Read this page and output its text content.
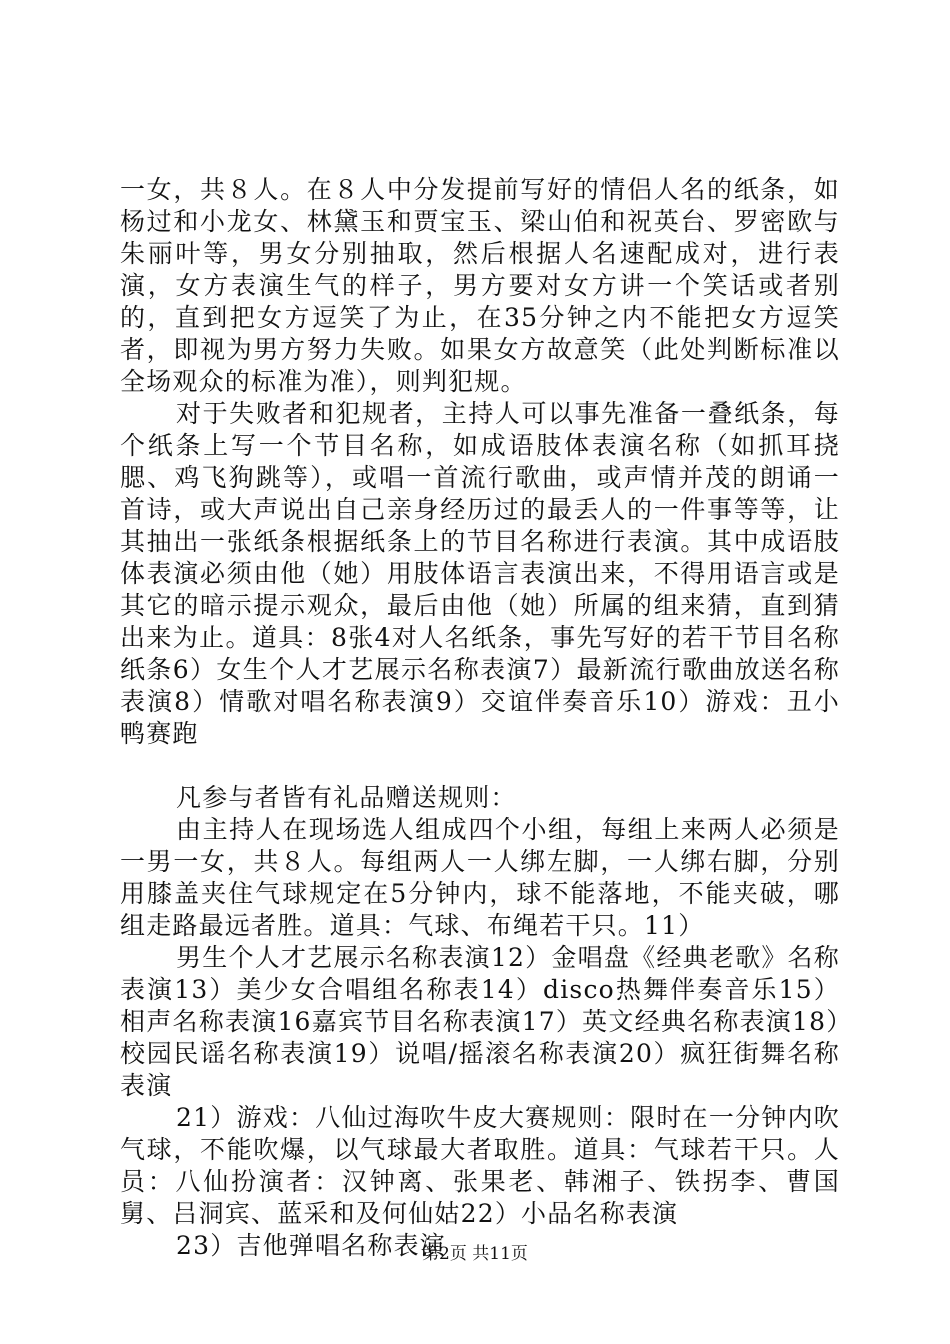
一女，共８人。在８人中分发提前写好的情侣人名的纸条，如杨过和小龙女、林黛玉和贾宝玉、梁山伯和祝英台、罗密欧与朱丽叶等，男女分别抽取，然后根据人名速配成对，进行表演，女方表演生气的样子，男方要对女方讲一个笑话或者别的，直到把女方逗笑了为止，在35分钟之内不能把女方逗笑者，即视为男方努力失败。如果女方故意笑（此处判断标准以全场观众的标准为准），则判犯规。

对于失败者和犯规者，主持人可以事先准备一叠纸条，每个纸条上写一个节目名称，如成语肢体表演名称（如抓耳挠腮、鸡飞狗跳等），或唱一首流行歌曲，或声情并茂的朗诵一首诗，或大声说出自己亲身经历过的最丢人的一件事等等，让其抽出一张纸条根据纸条上的节目名称进行表演。其中成语肢体表演必须由他（她）用肢体语言表演出来，不得用语言或是其它的暗示提示观众，最后由他（她）所属的组来猜，直到猜出来为止。道具：8张4对人名纸条，事先写好的若干节目名称纸条6）女生个人才艺展示名称表演7）最新流行歌曲放送名称表演8）情歌对唱名称表演9）交谊伴奏音乐10）游戏：丑小鸭赛跑

凡参与者皆有礼品赠送规则：

由主持人在现场选人组成四个小组，每组上来两人必须是一男一女，共８人。每组两人一人绑左脚，一人绑右脚，分别用膝盖夹住气球规定在5分钟内，球不能落地，不能夹破，哪组走路最远者胜。道具：气球、布绳若干只。11）

男生个人才艺展示名称表演12）金唱盘《经典老歌》名称表演13）美少女合唱组名称表14）disco热舞伴奏音乐15）相声名称表演16嘉宾节目名称表演17）英文经典名称表演18）校园民谣名称表演19）说唱/摇滚名称表演20）疯狂街舞名称表演

21）游戏：八仙过海吹牛皮大赛规则：限时在一分钟内吹气球，不能吹爆，以气球最大者取胜。道具：气球若干只。人员：八仙扮演者：汉钟离、张果老、韩湘子、铁拐李、曹国舅、吕洞宾、蓝采和及何仙姑22）小品名称表演

23）吉他弹唱名称表演

第2页 共11页
